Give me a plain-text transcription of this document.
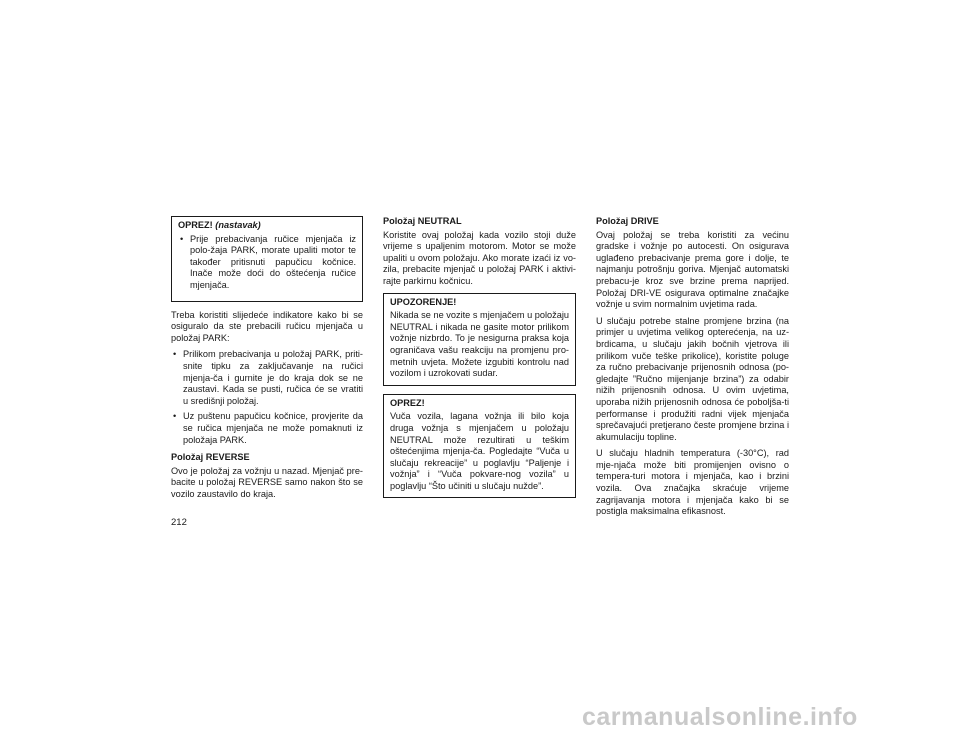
OPREZ! (nastavak)
• Prije prebacivanja ručice mjenjača iz polo-žaja PARK, morate upaliti motor te također pritisnuti papučicu kočnice. Inače može doći do oštećenja ručice mjenjača.

Treba koristiti slijedeće indikatore kako bi se osiguralo da ste prebacili ručicu mjenjača u položaj PARK:

• Prilikom prebacivanja u položaj PARK, priti-snite tipku za zaključavanje na ručici mjenja-ča i gurnite je do kraja dok se ne zaustavi. Kada se pusti, ručica će se vratiti u središnji položaj.
• Uz puštenu papučicu kočnice, provjerite da se ručica mjenjača ne može pomaknuti iz položaja PARK.
Položaj REVERSE

Ovo je položaj za vožnju u nazad. Mjenjač pre-bacite u položaj REVERSE samo nakon što se vozilo zaustavilo do kraja.

Položaj NEUTRAL

Koristite ovaj položaj kada vozilo stoji duže vrijeme s upaljenim motorom. Motor se može upaliti u ovom položaju. Ako morate izaći iz vo-zila, prebacite mjenjač u položaj PARK i aktivi-rajte parkirnu kočnicu.

UPOZORENJE!

Nikada se ne vozite s mjenjačem u položaju NEUTRAL i nikada ne gasite motor prilikom vožnje nizbrdo. To je nesigurna praksa koja ograničava vašu reakciju na promjenu pro-metnih uvjeta. Možete izgubiti kontrolu nad vozilom i uzrokovati sudar.

OPREZ!

Vuča vozila, lagana vožnja ili bilo koja druga vožnja s mjenjačem u položaju NEUTRAL može rezultirati u teškim oštećenjima mjenja-ča. Pogledajte “Vuča u slučaju rekreacije” u poglavlju “Paljenje i vožnja” i “Vuča pokvare-nog vozila” u poglavlju “Što učiniti u slučaju nužde”.

Položaj DRIVE

Ovaj položaj se treba koristiti za većinu gradske i vožnje po autocesti. On osigurava uglađeno prebacivanje prema gore i dolje, te najmanju potrošnju goriva. Mjenjač automatski prebacu-je kroz sve brzine prema naprijed. Položaj DRI-VE osigurava optimalne značajke vožnje u svim normalnim uvjetima rada.

U slučaju potrebe stalne promjene brzina (na primjer u uvjetima velikog opterećenja, na uz-brdicama, u slučaju jakih bočnih vjetrova ili prilikom vuče teške prikolice), koristite poluge za ručno prebacivanje prijenosnih odnosa (po-gledajte ”Ručno mijenjanje brzina”) za odabir nižih prijenosnih odnosa. U ovim uvjetima, uporaba nižih prijenosnih odnosa će poboljša-ti performanse i produžiti radni vijek mjenjača sprečavajući pretjerano česte promjene brzina i akumulaciju topline.

U slučaju hladnih temperatura (-30°C), rad mje-njača može biti promijenjen ovisno o tempera-turi motora i mjenjača, kao i brzini vozila. Ova značajka skraćuje vrijeme zagrijavanja motora i mjenjača kako bi se postigla maksimalna efikasnost.

212
carmanualsonline.info
